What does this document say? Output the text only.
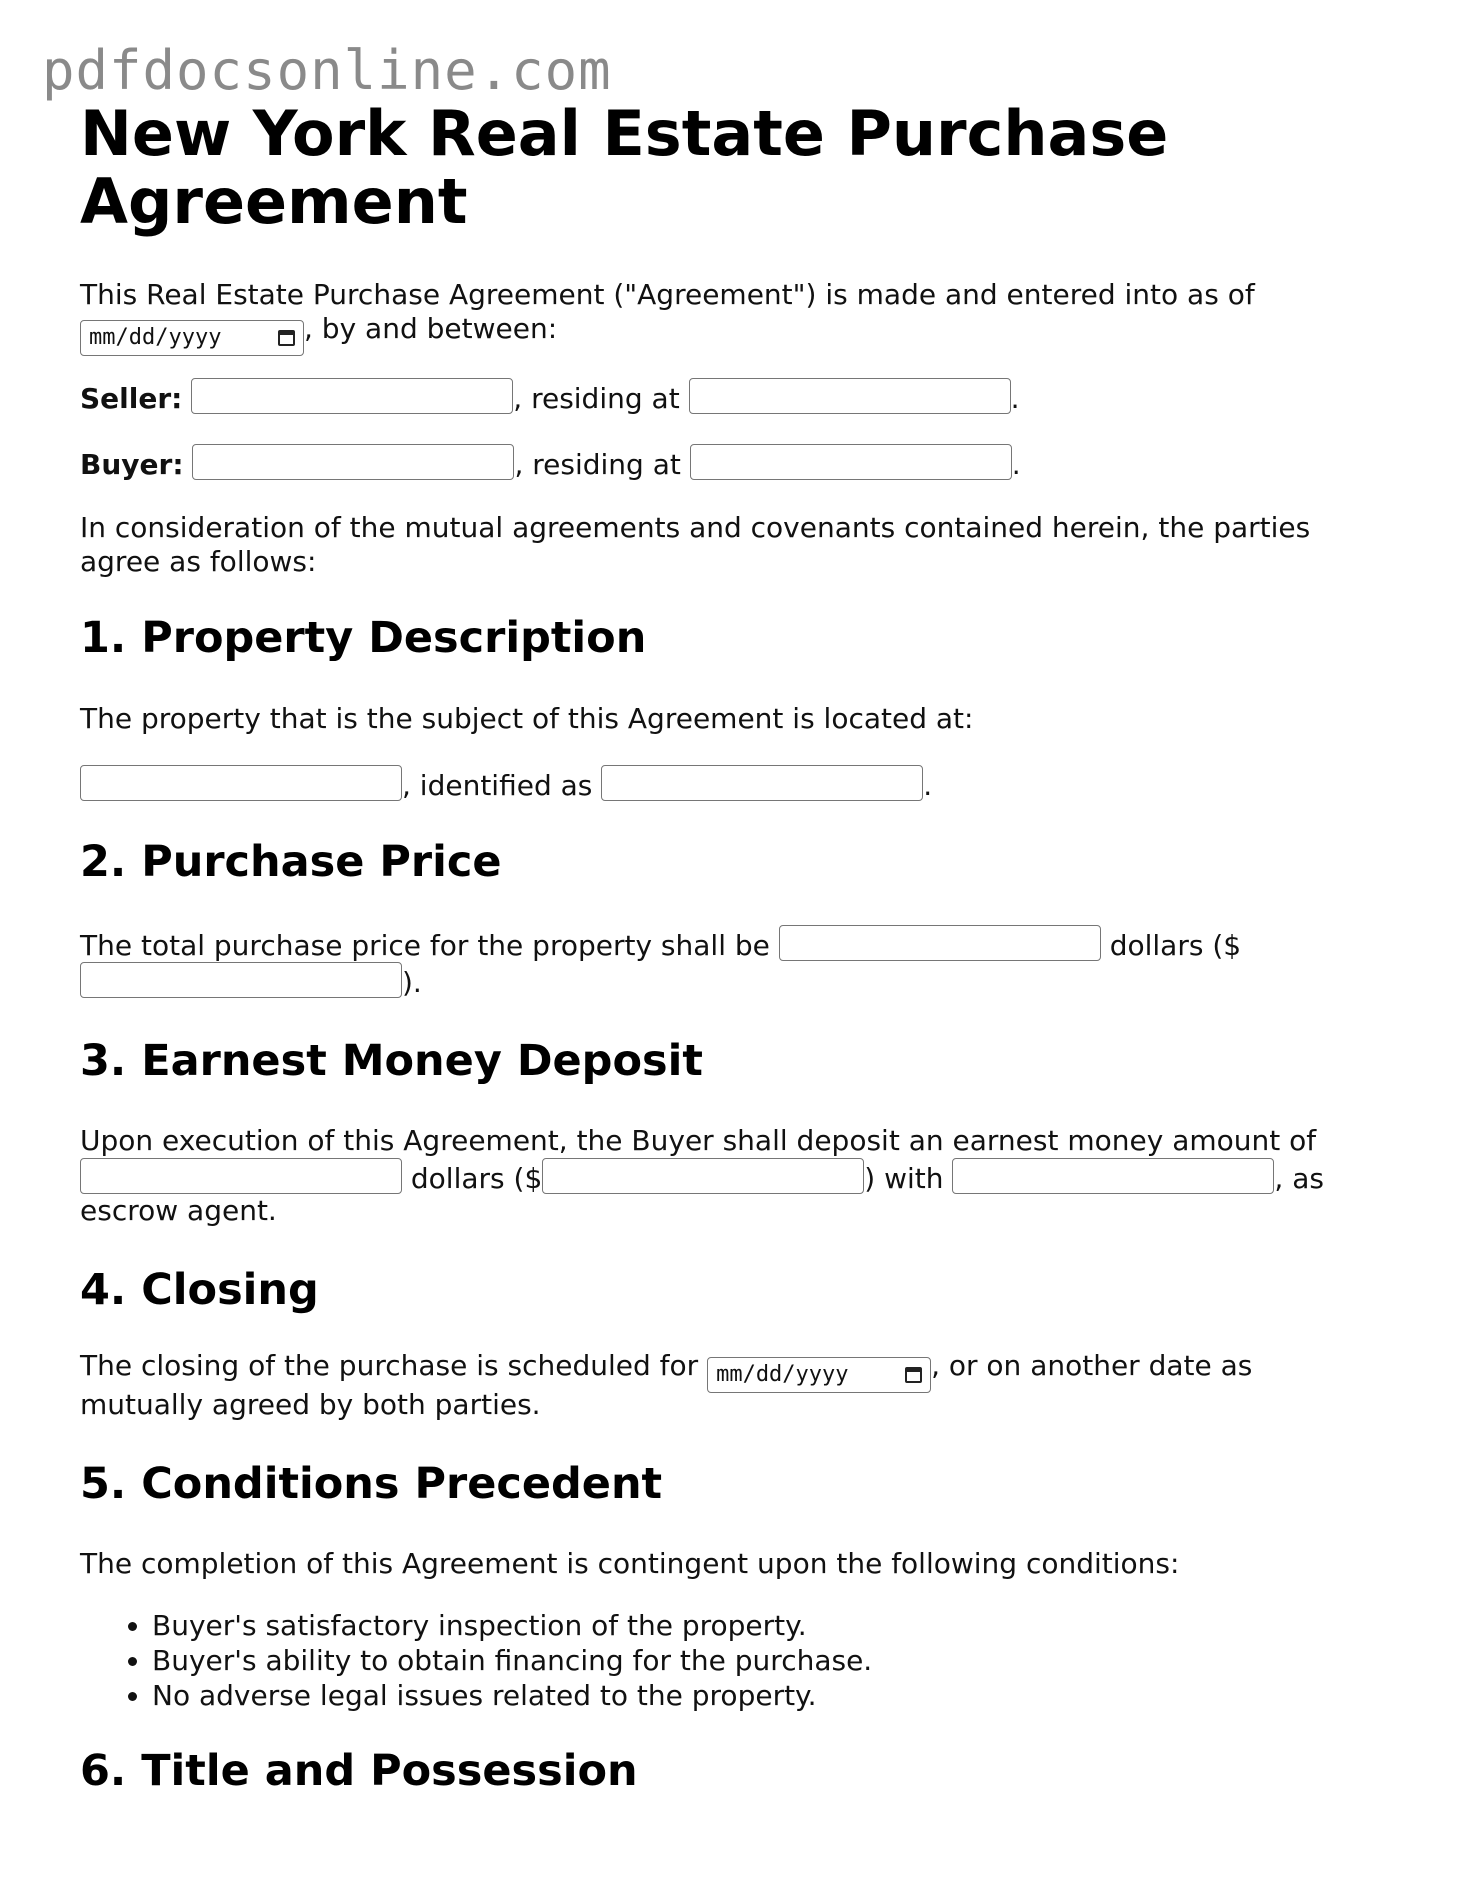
pdfdocsonline.com
New York Real Estate Purchase
Agreement

This Real Estate Purchase Agreement ("Agreement") is made and entered into as of

mm/dd/yyyy	, by and between:

Seller:	, residing at	.

Buyer:	, residing at	.

In consideration of the mutual agreements and covenants contained herein, the parties agree as follows:

1. Property Description

The property that is the subject of this Agreement is located at:

, identified as	.

2. Purchase Price

The total purchase price for the property shall be	dollars ($

).

3. Earnest Money Deposit

Upon execution of this Agreement, the Buyer shall deposit an earnest money amount of

dollars ($	) with	, as

escrow agent.

4. Closing

The closing of the purchase is scheduled for mm/dd/yyyy	, or on another date as

mutually agreed by both parties.

5. Conditions Precedent

The completion of this Agreement is contingent upon the following conditions:

• Buyer's satisfactory inspection of the property.
• Buyer's ability to obtain financing for the purchase.
• No adverse legal issues related to the property.
6. Title and Possession
